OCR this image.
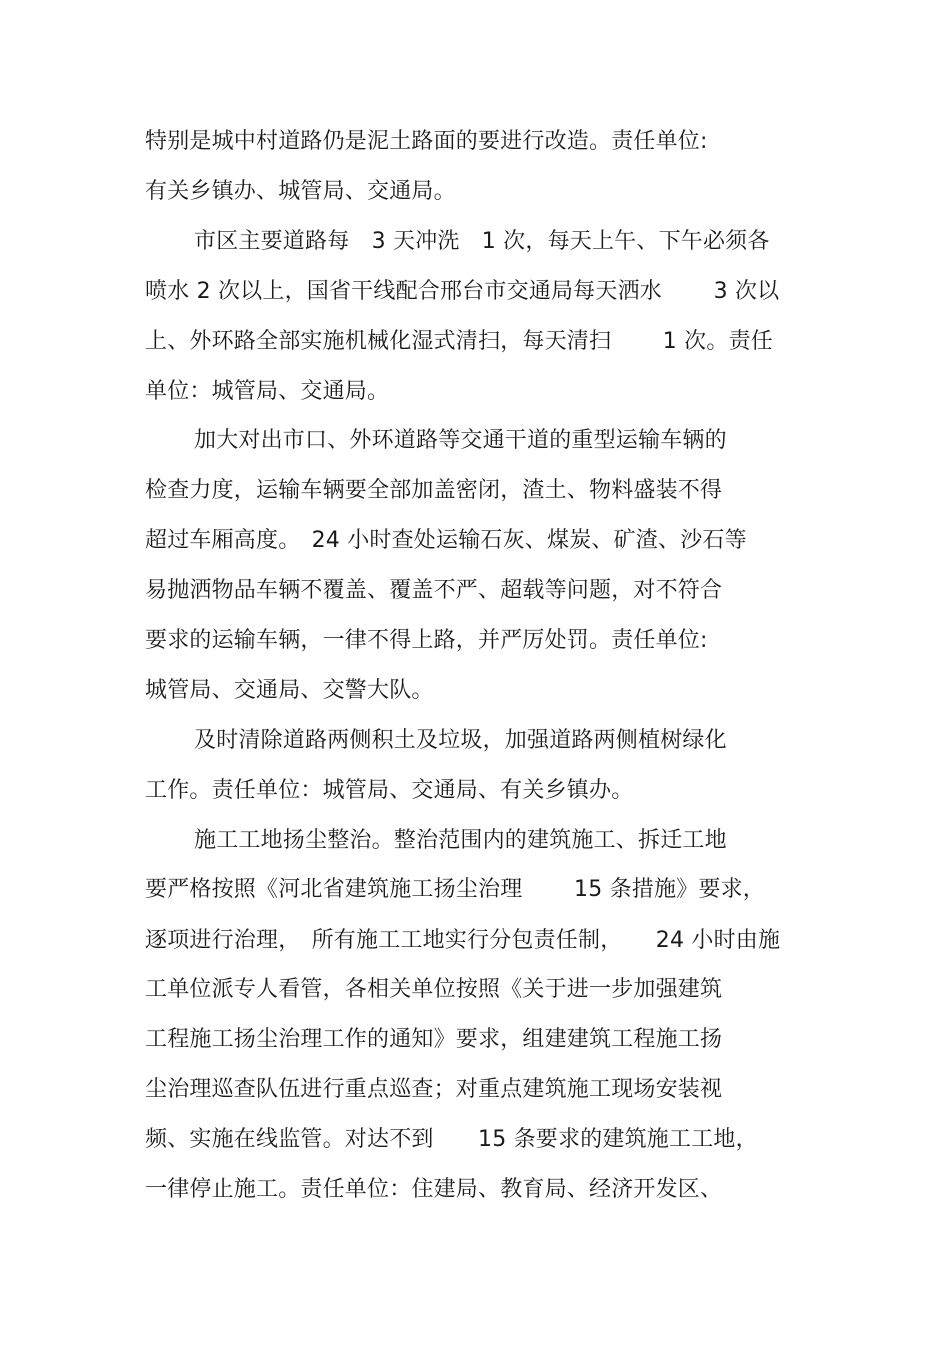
特别是城中村道路仍是泥土路面的要进行改造。责任单位:
有关乡镇办、城管局、交通局。
市区主要道路每　3 天冲洗　1 次，每天上午、下午必须各
喷水 2 次以上，国省干线配合邢台市交通局每天洒水　　 3 次以
上、外环路全部实施机械化湿式清扫，每天清扫　　 1 次。责任
单位：城管局、交通局。
加大对出市口、外环道路等交通干道的重型运输车辆的
检查力度，运输车辆要全部加盖密闭，渣土、物料盛装不得
超过车厢高度。　24 小时查处运输石灰、煤炭、矿渣、沙石等
易抛洒物品车辆不覆盖、覆盖不严、超载等问题，对不符合
要求的运输车辆，一律不得上路，并严厉处罚。责任单位:
城管局、交通局、交警大队。
及时清除道路两侧积土及垃圾，加强道路两侧植树绿化
工作。责任单位：城管局、交通局、有关乡镇办。
施工工地扬尘整治。整治范围内的建筑施工、拆迁工地
要严格按照《河北省建筑施工扬尘治理　　 15 条措施》要求，
逐项进行治理，　所有施工工地实行分包责任制，　　24 小时由施
工单位派专人看管，各相关单位按照《关于进一步加强建筑
工程施工扬尘治理工作的通知》要求，组建建筑工程施工扬
尘治理巡查队伍进行重点巡查；对重点建筑施工现场安装视
频、实施在线监管。对达不到　　15 条要求的建筑施工工地，
一律停止施工。责任单位：住建局、教育局、经济开发区、
